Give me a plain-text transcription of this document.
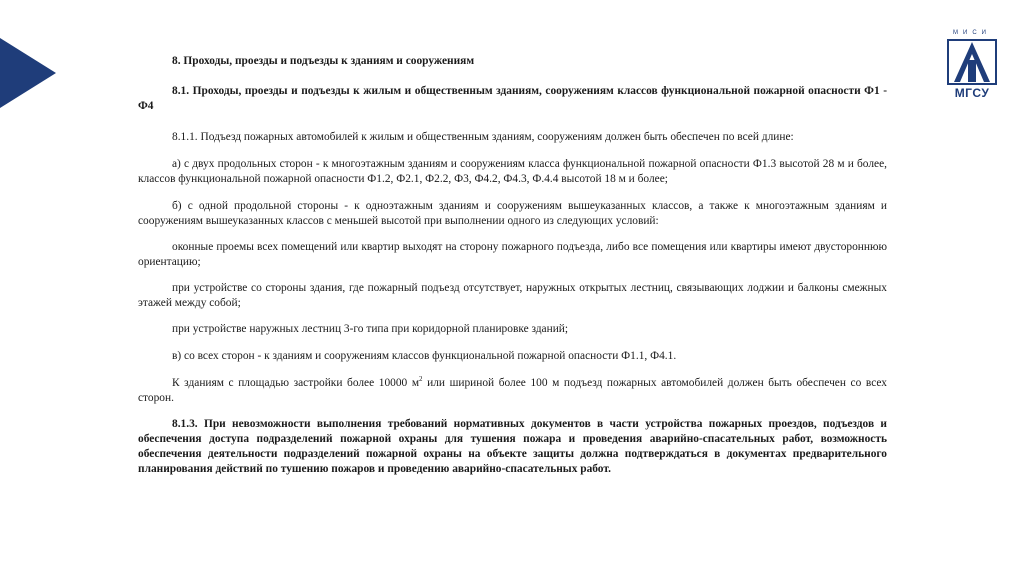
МИСИ
МГСУ

8. Проходы, проезды и подъезды к зданиям и сооружениям

8.1. Проходы, проезды и подъезды к жилым и общественным зданиям, сооружениям классов функциональной пожарной опасности Ф1 - Ф4

8.1.1. Подъезд пожарных автомобилей к жилым и общественным зданиям, сооружениям должен быть обеспечен по всей длине:

а) с двух продольных сторон - к многоэтажным зданиям и сооружениям класса функциональной пожарной опасности Ф1.3 высотой 28 м и более, классов функциональной пожарной опасности Ф1.2, Ф2.1, Ф2.2, Ф3, Ф4.2, Ф4.3, Ф.4.4 высотой 18 м и более;

б) с одной продольной стороны - к одноэтажным зданиям и сооружениям вышеуказанных классов, а также к многоэтажным зданиям и сооружениям вышеуказанных классов с меньшей высотой при выполнении одного из следующих условий:

оконные проемы всех помещений или квартир выходят на сторону пожарного подъезда, либо все помещения или квартиры имеют двустороннюю ориентацию;

при устройстве со стороны здания, где пожарный подъезд отсутствует, наружных открытых лестниц, связывающих лоджии и балконы смежных этажей между собой;

при устройстве наружных лестниц 3-го типа при коридорной планировке зданий;

в) со всех сторон - к зданиям и сооружениям классов функциональной пожарной опасности Ф1.1, Ф4.1.

К зданиям с площадью застройки более 10000 $м^2$ или шириной более 100 м подъезд пожарных автомобилей должен быть обеспечен со всех сторон.

8.1.3. При невозможности выполнения требований нормативных документов в части устройства пожарных проездов, подъездов и обеспечения доступа подразделений пожарной охраны для тушения пожара и проведения аварийно-спасательных работ, возможность обеспечения деятельности подразделений пожарной охраны на объекте защиты должна подтверждаться в документах предварительного планирования действий по тушению пожаров и проведению аварийно-спасательных работ.
